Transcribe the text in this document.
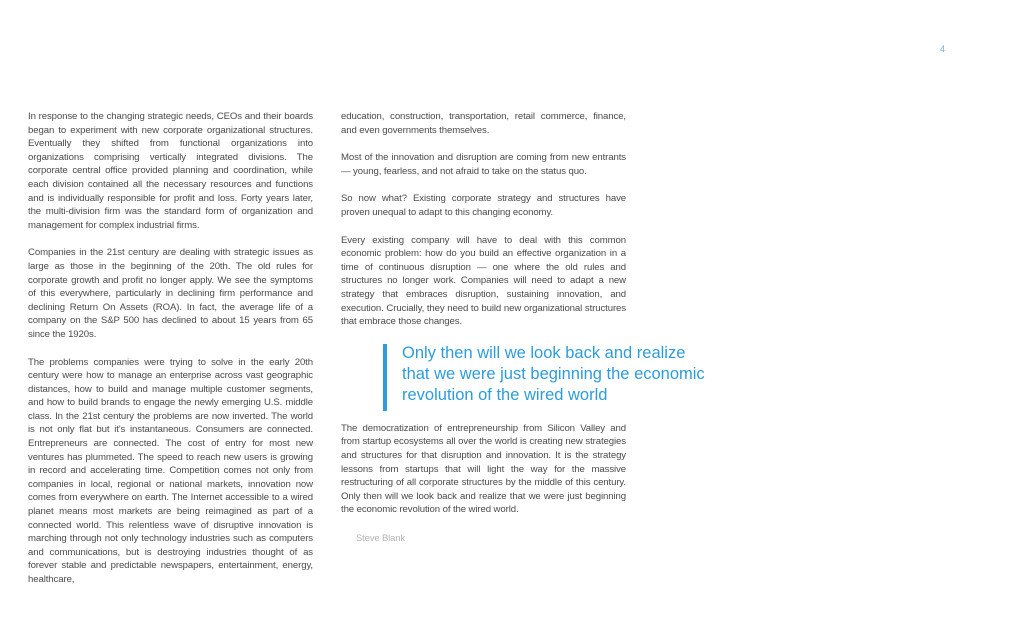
4

In response to the changing strategic needs, CEOs and their boards began to experiment with new corporate organizational structures. Eventually they shifted from functional organizations into organizations comprising vertically integrated divisions. The corporate central office provided planning and coordination, while each division contained all the necessary resources and functions and is individually responsible for profit and loss. Forty years later, the multi-division firm was the standard form of organization and management for complex industrial firms.

Companies in the 21st century are dealing with strategic issues as large as those in the beginning of the 20th. The old rules for corporate growth and profit no longer apply. We see the symptoms of this everywhere, particularly in declining firm performance and declining Return On Assets (ROA). In fact, the average life of a company on the S&P 500 has declined to about 15 years from 65 since the 1920s.

The problems companies were trying to solve in the early 20th century were how to manage an enterprise across vast geographic distances, how to build and manage multiple customer segments, and how to build brands to engage the newly emerging U.S. middle class. In the 21st century the problems are now inverted. The world is not only flat but it's instantaneous. Consumers are connected. Entrepreneurs are connected. The cost of entry for most new ventures has plummeted. The speed to reach new users is growing in record and accelerating time. Competition comes not only from companies in local, regional or national markets, innovation now comes from everywhere on earth. The Internet accessible to a wired planet means most markets are being reimagined as part of a connected world. This relentless wave of disruptive innovation is marching through not only technology industries such as computers and communications, but is destroying industries thought of as forever stable and predictable newspapers, entertainment, energy, healthcare,

education, construction, transportation, retail commerce, finance, and even governments themselves.

Most of the innovation and disruption are coming from new entrants — young, fearless, and not afraid to take on the status quo.

So now what? Existing corporate strategy and structures have proven unequal to adapt to this changing economy.

Every existing company will have to deal with this common economic problem: how do you build an effective organization in a time of continuous disruption — one where the old rules and structures no longer work. Companies will need to adapt a new strategy that embraces disruption, sustaining innovation, and execution. Crucially, they need to build new organizational structures that embrace those changes.

Only then will we look back and realize
that we were just beginning the economic
revolution of the wired world

The democratization of entrepreneurship from Silicon Valley and from startup ecosystems all over the world is creating new strategies and structures for that disruption and innovation. It is the strategy lessons from startups that will light the way for the massive restructuring of all corporate structures by the middle of this century. Only then will we look back and realize that we were just beginning the economic revolution of the wired world.

Steve Blank
